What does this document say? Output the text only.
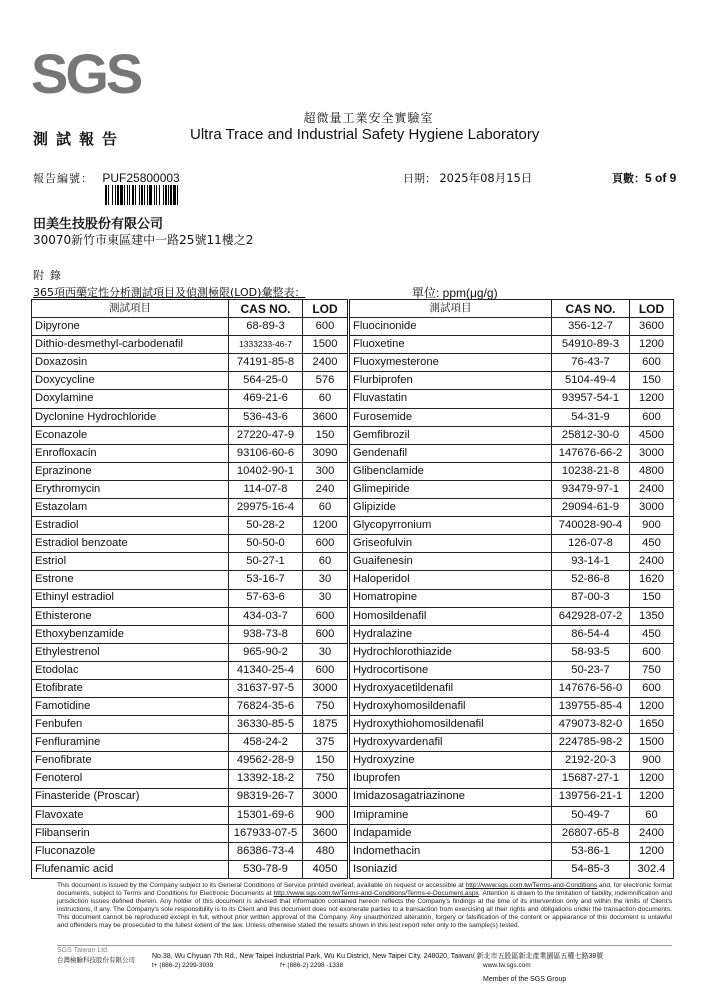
SGS
超微量工業安全實驗室
測試報告	Ultra Trace and Industrial Safety Hygiene Laboratory
報告編號： PUF25800003	日期： 2025年08月15日	頁數：5 of 9
田美生技股份有限公司
30070新竹市東區建中一路25號11樓之2
附錄
365項西藥定性分析測試項目及偵測極限(LOD)彙整表：	單位: ppm(μg/g)
測試項目	CAS NO.	LOD	測試項目	CAS NO.	LOD
Dipyrone	68-89-3	600	Fluocinonide	356-12-7	3600
Dithio-desmethyl-carbodenafil	1333233-46-7	1500	Fluoxetine	54910-89-3	1200
Doxazosin	74191-85-8	2400	Fluoxymesterone	76-43-7	600
Doxycycline	564-25-0	576	Flurbiprofen	5104-49-4	150
Doxylamine	469-21-6	60	Fluvastatin	93957-54-1	1200
Dyclonine Hydrochloride	536-43-6	3600	Furosemide	54-31-9	600
Econazole	27220-47-9	150	Gemfibrozil	25812-30-0	4500
Enrofloxacin	93106-60-6	3090	Gendenafil	147676-66-2	3000
Eprazinone	10402-90-1	300	Glibenclamide	10238-21-8	4800
Erythromycin	114-07-8	240	Glimepiride	93479-97-1	2400
Estazolam	29975-16-4	60	Glipizide	29094-61-9	3000
Estradiol	50-28-2	1200	Glycopyrronium	740028-90-4	900
Estradiol benzoate	50-50-0	600	Griseofulvin	126-07-8	450
Estriol	50-27-1	60	Guaifenesin	93-14-1	2400
Estrone	53-16-7	30	Haloperidol	52-86-8	1620
Ethinyl estradiol	57-63-6	30	Homatropine	87-00-3	150
Ethisterone	434-03-7	600	Homosildenafil	642928-07-2	1350
Ethoxybenzamide	938-73-8	600	Hydralazine	86-54-4	450
Ethylestrenol	965-90-2	30	Hydrochlorothiazide	58-93-5	600
Etodolac	41340-25-4	600	Hydrocortisone	50-23-7	750
Etofibrate	31637-97-5	3000	Hydroxyacetildenafil	147676-56-0	600
Famotidine	76824-35-6	750	Hydroxyhomosildenafil	139755-85-4	1200
Fenbufen	36330-85-5	1875	Hydroxythiohomosildenafil	479073-82-0	1650
Fenfluramine	458-24-2	375	Hydroxyvardenafil	224785-98-2	1500
Fenofibrate	49562-28-9	150	Hydroxyzine	2192-20-3	900
Fenoterol	13392-18-2	750	Ibuprofen	15687-27-1	1200
Finasteride (Proscar)	98319-26-7	3000	Imidazosagatriazinone	139756-21-1	1200
Flavoxate	15301-69-6	900	Imipramine	50-49-7	60
Flibanserin	167933-07-5	3600	Indapamide	26807-65-8	2400
Fluconazole	86386-73-4	480	Indomethacin	53-86-1	1200
Flufenamic acid	530-78-9	4050	Isoniazid	54-85-3	302.4
This document is issued by the Company subject to its General Conditions of Service printed overleaf, available on request or accessible at http://www.sgs.com.tw/Terms-and-Conditions and, for electronic format documents, subject to Terms and Conditions for Electronic Documents at http://www.sgs.com.tw/Terms-and-Conditions/Terms-e-Document.aspx. Attention is drawn to the limitation of liability, indemnification and jurisdiction issues defined therein. Any holder of this document is advised that information contained hereon reflects the Company's findings at the time of its intervention only and within the limits of Client's instructions, if any. The Company's sole responsibility is to its Client and this document does not exonerate parties to a transaction from exercising all their rights and obligations under the transaction documents. This document cannot be reproduced except in full, without prior written approval of the Company. Any unauthorized alteration, forgery or falsification of the content or appearance of this document is unlawful and offenders may be prosecuted to the fullest extent of the law. Unless otherwise stated the results shown in this test report refer only to the sample(s) tested.
SGS Taiwan Ltd.
台灣檢驗科技股份有限公司 No.38, Wu Chyuan 7th Rd., New Taipei Industrial Park, Wu Ku District, New Taipei City, 248020, Taiwan/ 新北市五股區新北產業園區五權七路38號
t+ (886-2) 2299-3939	f+ (886-2) 2298 -1338	www.tw.sgs.com
Member of the SGS Group
